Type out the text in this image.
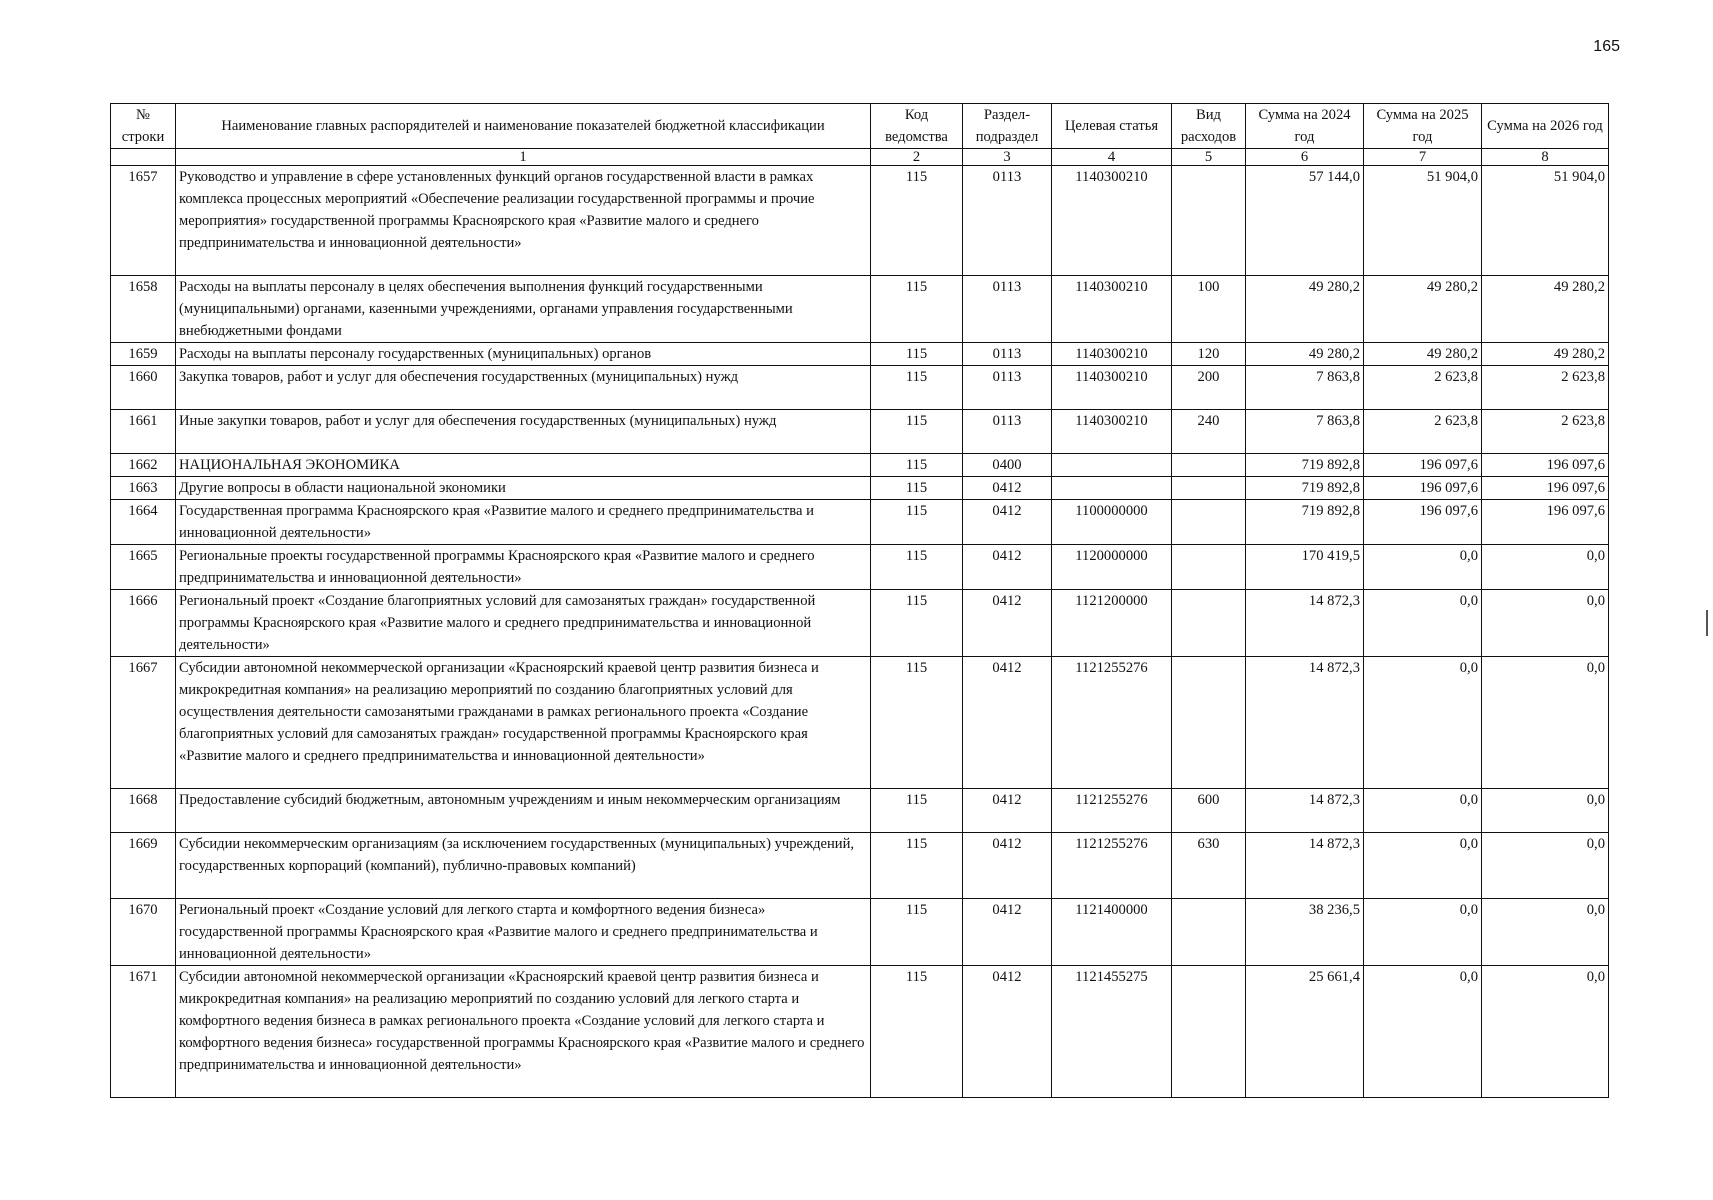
165
№ строки	Наименование главных распорядителей и наименование показателей бюджетной классификации	Код ведомства	Раздел-подраздел	Целевая статья	Вид расходов	Сумма на 2024 год	Сумма на 2025 год	Сумма на 2026 год
	1	2	3	4	5	6	7	8
1657	Руководство и управление в сфере установленных функций органов государственной власти в рамках комплекса процессных мероприятий «Обеспечение реализации государственной программы и прочие мероприятия» государственной программы Красноярского края «Развитие малого и среднего предпринимательства и инновационной деятельности»	115	0113	1140300210		57 144,0	51 904,0	51 904,0
1658	Расходы на выплаты персоналу в целях обеспечения выполнения функций государственными (муниципальными) органами, казенными учреждениями, органами управления государственными внебюджетными фондами	115	0113	1140300210	100	49 280,2	49 280,2	49 280,2
1659	Расходы на выплаты персоналу государственных (муниципальных) органов	115	0113	1140300210	120	49 280,2	49 280,2	49 280,2
1660	Закупка товаров, работ и услуг для обеспечения государственных (муниципальных) нужд	115	0113	1140300210	200	7 863,8	2 623,8	2 623,8
1661	Иные закупки товаров, работ и услуг для обеспечения государственных (муниципальных) нужд	115	0113	1140300210	240	7 863,8	2 623,8	2 623,8
1662	НАЦИОНАЛЬНАЯ ЭКОНОМИКА	115	0400			719 892,8	196 097,6	196 097,6
1663	Другие вопросы в области национальной экономики	115	0412			719 892,8	196 097,6	196 097,6
1664	Государственная программа Красноярского края «Развитие малого и среднего предпринимательства и инновационной деятельности»	115	0412	1100000000		719 892,8	196 097,6	196 097,6
1665	Региональные проекты государственной программы Красноярского края «Развитие малого и среднего предпринимательства и инновационной деятельности»	115	0412	1120000000		170 419,5	0,0	0,0
1666	Региональный проект «Создание благоприятных условий для самозанятых граждан» государственной программы Красноярского края «Развитие малого и среднего предпринимательства и инновационной деятельности»	115	0412	1121200000		14 872,3	0,0	0,0
1667	Субсидии автономной некоммерческой организации «Красноярский краевой центр развития бизнеса и микрокредитная компания» на реализацию мероприятий по созданию благоприятных условий для осуществления деятельности самозанятыми гражданами в рамках регионального проекта «Создание благоприятных условий для самозанятых граждан» государственной программы Красноярского края «Развитие малого и среднего предпринимательства и инновационной деятельности»	115	0412	1121255276		14 872,3	0,0	0,0
1668	Предоставление субсидий бюджетным, автономным учреждениям и иным некоммерческим организациям	115	0412	1121255276	600	14 872,3	0,0	0,0
1669	Субсидии некоммерческим организациям (за исключением государственных (муниципальных) учреждений, государственных корпораций (компаний), публично-правовых компаний)	115	0412	1121255276	630	14 872,3	0,0	0,0
1670	Региональный проект «Создание условий для легкого старта и комфортного ведения бизнеса» государственной программы Красноярского края «Развитие малого и среднего предпринимательства и инновационной деятельности»	115	0412	1121400000		38 236,5	0,0	0,0
1671	Субсидии автономной некоммерческой организации «Красноярский краевой центр развития бизнеса и микрокредитная компания» на реализацию мероприятий по созданию условий для легкого старта и комфортного ведения бизнеса в рамках регионального проекта «Создание условий для легкого старта и комфортного ведения бизнеса» государственной программы Красноярского края «Развитие малого и среднего предпринимательства и инновационной деятельности»	115	0412	1121455275		25 661,4	0,0	0,0
